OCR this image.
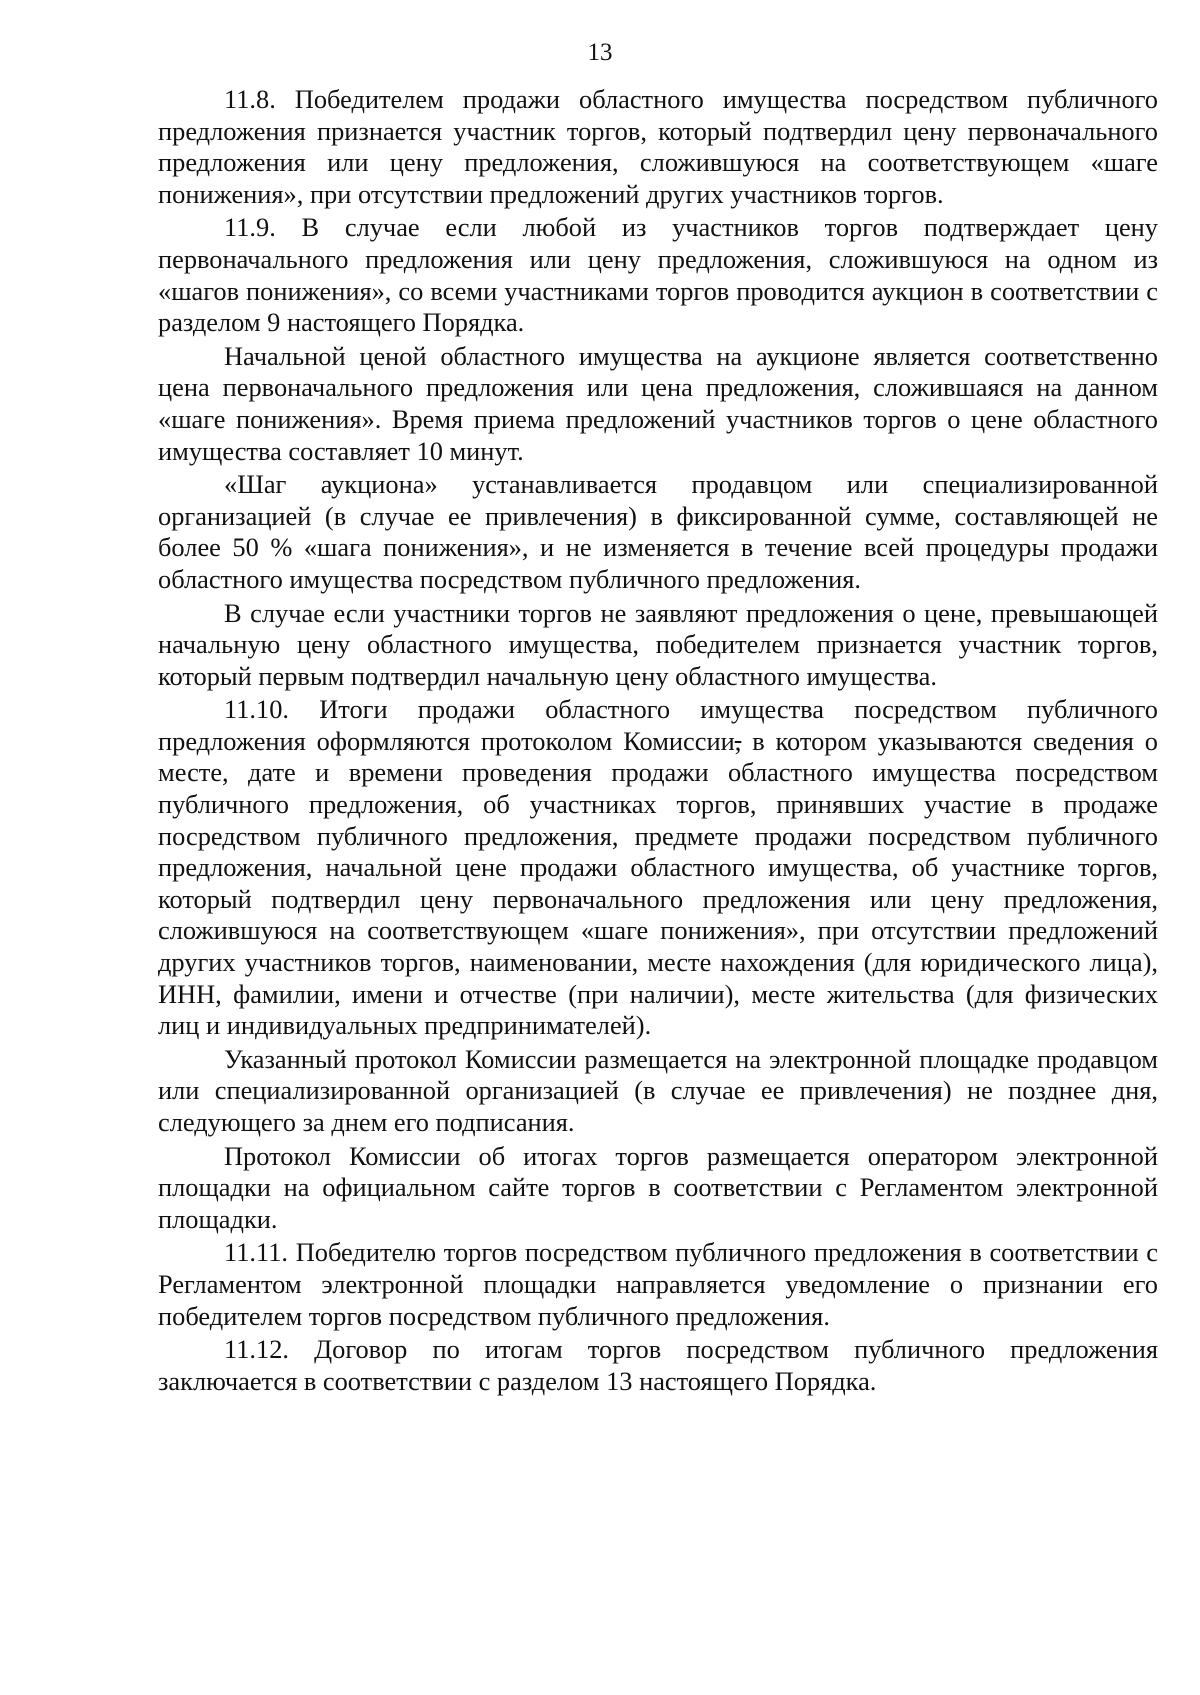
13

11.8. Победителем продажи областного имущества посредством публичного предложения признается участник торгов, который подтвердил цену первоначального предложения или цену предложения, сложившуюся на соответствующем «шаге понижения», при отсутствии предложений других участников торгов.

11.9. В случае если любой из участников торгов подтверждает цену первоначального предложения или цену предложения, сложившуюся на одном из «шагов понижения», со всеми участниками торгов проводится аукцион в соответствии с разделом 9 настоящего Порядка.

Начальной ценой областного имущества на аукционе является соответственно цена первоначального предложения или цена предложения, сложившаяся на данном «шаге понижения». Время приема предложений участников торгов о цене областного имущества составляет 10 минут.

«Шаг аукциона» устанавливается продавцом или специализированной организацией (в случае ее привлечения) в фиксированной сумме, составляющей не более 50 % «шага понижения», и не изменяется в течение всей процедуры продажи областного имущества посредством публичного предложения.

В случае если участники торгов не заявляют предложения о цене, превышающей начальную цену областного имущества, победителем признается участник торгов, который первым подтвердил начальную цену областного имущества.

11.10. Итоги продажи областного имущества посредством публичного предложения оформляются протоколом Комиссии, в котором указываются сведения о месте, дате и времени проведения продажи областного имущества посредством публичного предложения, об участниках торгов, принявших участие в продаже посредством публичного предложения, предмете продажи посредством публичного предложения, начальной цене продажи областного имущества, об участнике торгов, который подтвердил цену первоначального предложения или цену предложения, сложившуюся на соответствующем «шаге понижения», при отсутствии предложений других участников торгов, наименовании, месте нахождения (для юридического лица), ИНН, фамилии, имени и отчестве (при наличии), месте жительства (для физических лиц и индивидуальных предпринимателей).

Указанный протокол Комиссии размещается на электронной площадке продавцом или специализированной организацией (в случае ее привлечения) не позднее дня, следующего за днем его подписания.

Протокол Комиссии об итогах торгов размещается оператором электронной площадки на официальном сайте торгов в соответствии с Регламентом электронной площадки.

11.11. Победителю торгов посредством публичного предложения в соответствии с Регламентом электронной площадки направляется уведомление о признании его победителем торгов посредством публичного предложения.

11.12. Договор по итогам торгов посредством публичного предложения заключается в соответствии с разделом 13 настоящего Порядка.
